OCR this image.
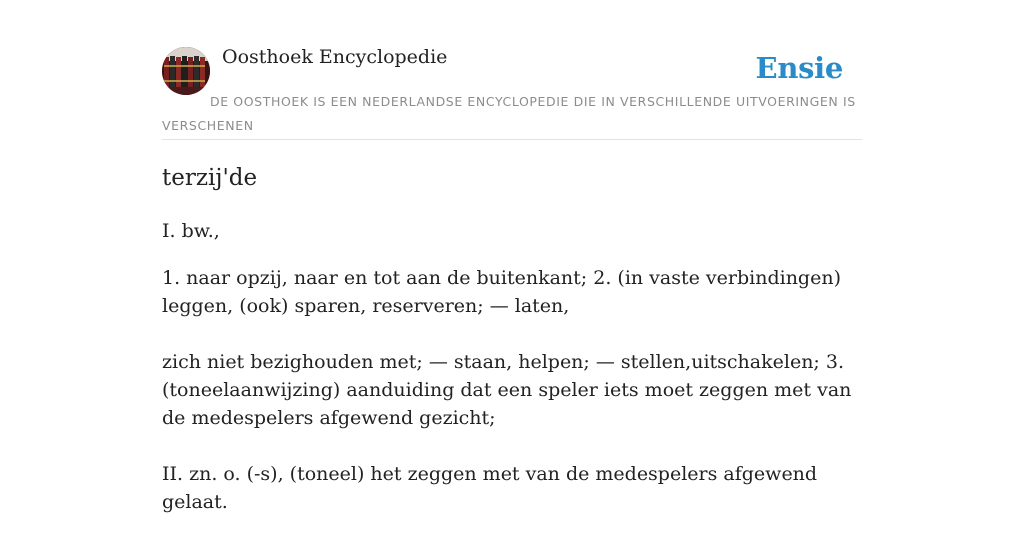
Oosthoek Encyclopedie	Ensie

DE OOSTHOEK IS EEN NEDERLANDSE ENCYCLOPEDIE DIE IN VERSCHILLENDE UITVOERINGEN IS VERSCHENEN

terzij'de

I. bw.,

1. naar opzij, naar en tot aan de buitenkant; 2. (in vaste verbindingen) leggen, (ook) sparen, reserveren; — laten,

zich niet bezighouden met; — staan, helpen; — stellen,uitschakelen; 3. (toneelaanwijzing) aanduiding dat een speler iets moet zeggen met van de medespelers afgewend gezicht;

II. zn. o. (-s), (toneel) het zeggen met van de medespelers afgewend gelaat.
